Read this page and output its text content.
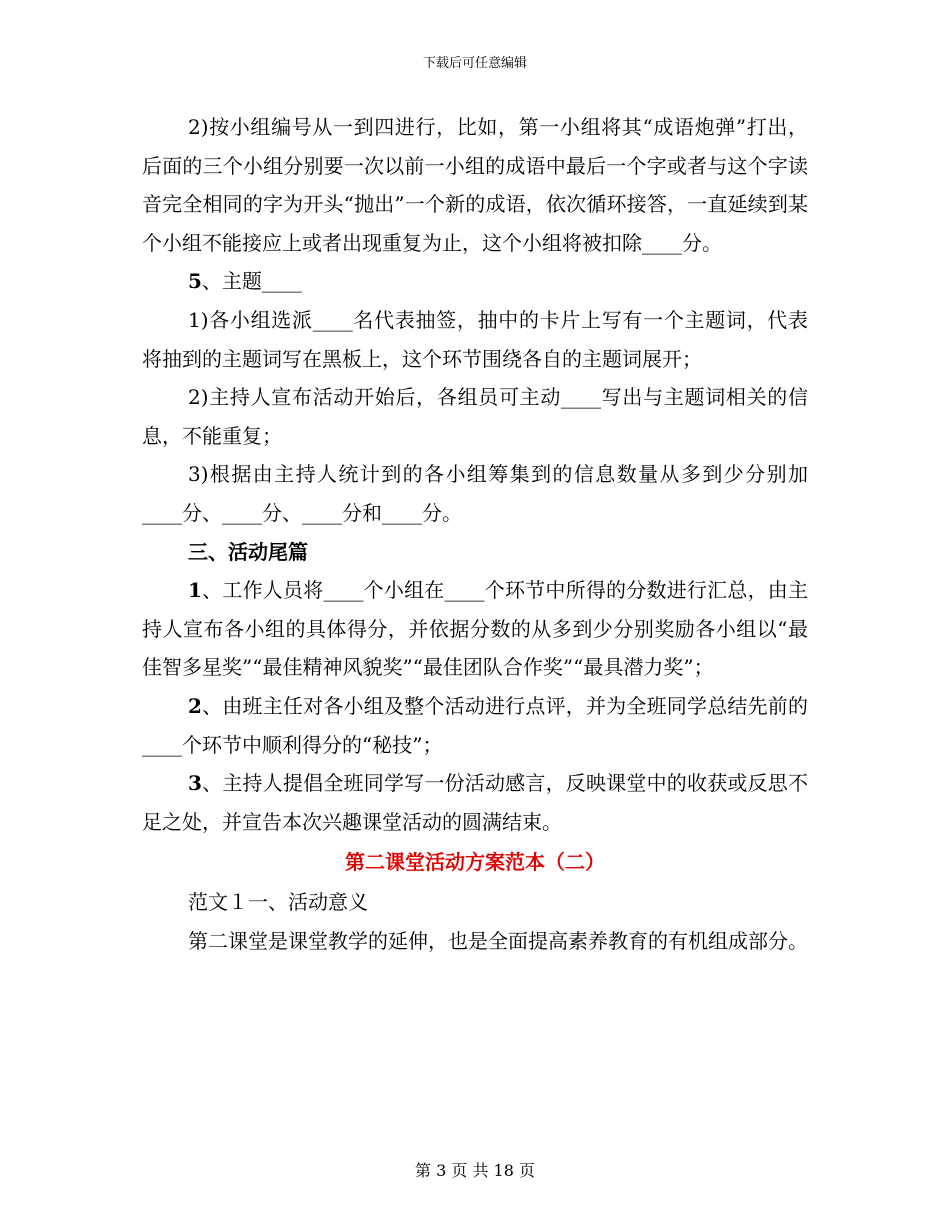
下载后可任意编辑

2)按小组编号从一到四进行，比如，第一小组将其“成语炮弹”打出，后面的三个小组分别要一次以前一小组的成语中最后一个字或者与这个字读音完全相同的字为开头“抛出”一个新的成语，依次循环接答，一直延续到某个小组不能接应上或者出现重复为止，这个小组将被扣除____分。

5、主题____

1)各小组选派____名代表抽签，抽中的卡片上写有一个主题词，代表将抽到的主题词写在黑板上，这个环节围绕各自的主题词展开；

2)主持人宣布活动开始后，各组员可主动____写出与主题词相关的信息，不能重复；

3)根据由主持人统计到的各小组筹集到的信息数量从多到少分别加____分、____分、____分和____分。

三、活动尾篇

1、工作人员将____个小组在____个环节中所得的分数进行汇总，由主持人宣布各小组的具体得分，并依据分数的从多到少分别奖励各小组以“最佳智多星奖”“最佳精神风貌奖”“最佳团队合作奖”“最具潜力奖”；

2、由班主任对各小组及整个活动进行点评，并为全班同学总结先前的____个环节中顺利得分的“秘技”；

3、主持人提倡全班同学写一份活动感言，反映课堂中的收获或反思不足之处，并宣告本次兴趣课堂活动的圆满结束。

第二课堂活动方案范本（二）

范文１一、活动意义

第二课堂是课堂教学的延伸，也是全面提高素养教育的有机组成部分。

第 3 页 共 18 页
